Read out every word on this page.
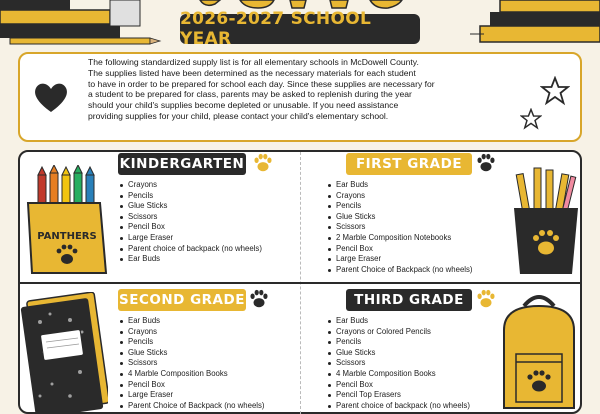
2026-2027 SCHOOL YEAR
The following standardized supply list is for all elementary schools in McDowell County.
The supplies listed have been determined as the necessary materials for each student
to have in order to be prepared for school each day. Since these supplies are necessary for
a student to be prepared for class, parents may be asked to replenish during the year
should your child's supplies become depleted or unusable. If you need assistance
providing supplies for your child, please contact your child's elementary school.
KINDERGARTEN
Crayons
Pencils
Glue Sticks
Scissors
Pencil Box
Large Eraser
Parent choice of backpack (no wheels)
Ear Buds
PANTHERS
FIRST GRADE
Ear Buds
Crayons
Pencils
Glue Sticks
Scissors
2 Marble Composition Notebooks
Pencil Box
Large Eraser
Parent Choice of Backpack (no wheels)
SECOND GRADE
Ear Buds
Crayons
Pencils
Glue Sticks
Scissors
4 Marble Composition Books
Pencil Box
Large Eraser
Parent Choice of Backpack (no wheels)
THIRD GRADE
Ear Buds
Crayons or Colored Pencils
Pencils
Glue Sticks
Scissors
4 Marble Composition Books
Pencil Box
Pencil Top Erasers
Parent choice of backpack (no wheels)
